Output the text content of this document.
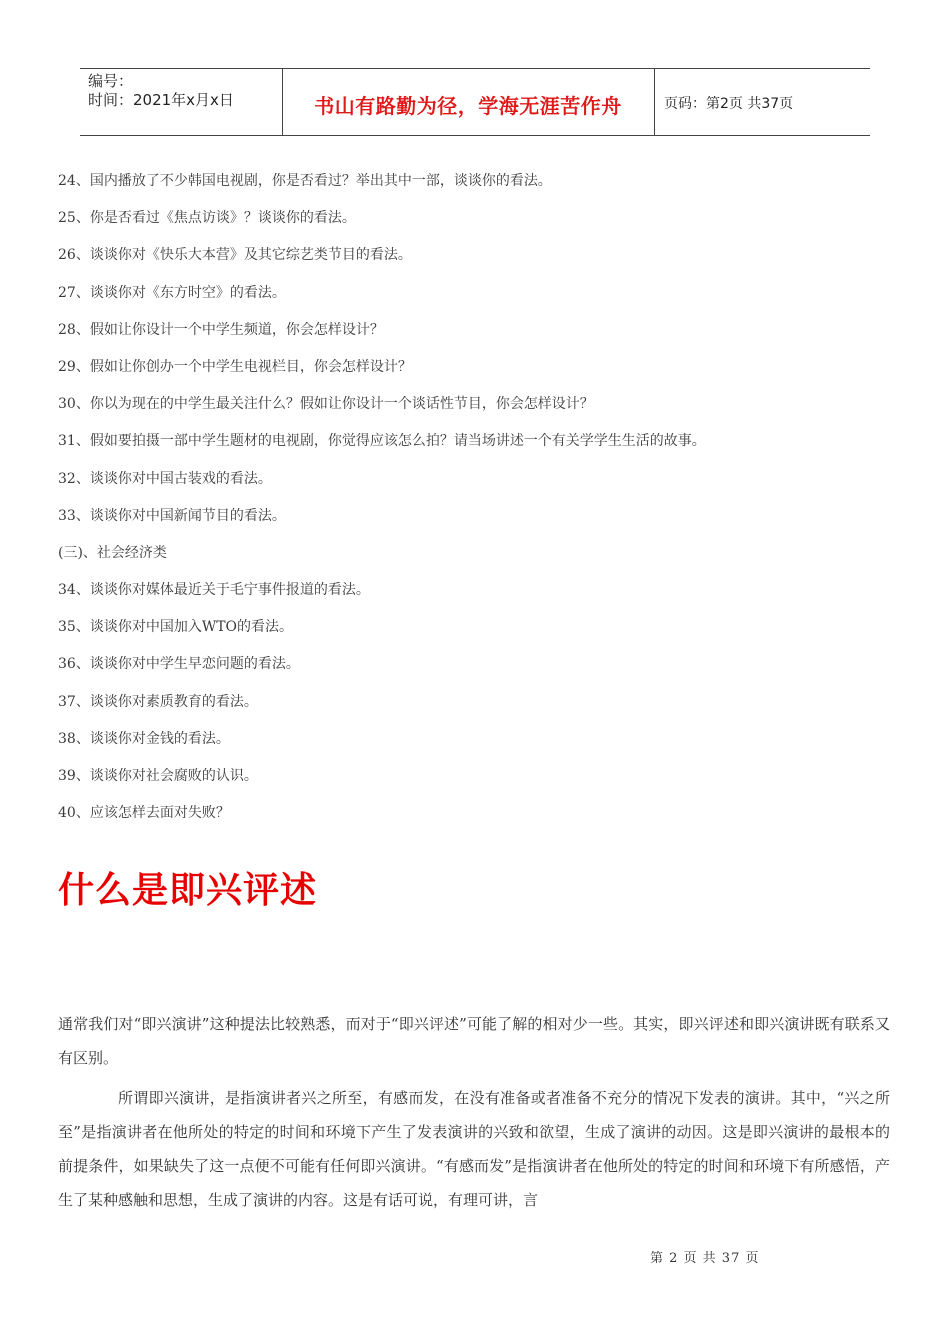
编号：
时间：2021年x月x日	书山有路勤为径，学海无涯苦作舟	页码：第2页 共37页
24、国内播放了不少韩国电视剧，你是否看过？举出其中一部，谈谈你的看法。
25、你是否看过《焦点访谈》？谈谈你的看法。
26、谈谈你对《快乐大本营》及其它综艺类节目的看法。
27、谈谈你对《东方时空》的看法。
28、假如让你设计一个中学生频道，你会怎样设计？
29、假如让你创办一个中学生电视栏目，你会怎样设计？
30、你以为现在的中学生最关注什么？假如让你设计一个谈话性节目，你会怎样设计？
31、假如要拍摄一部中学生题材的电视剧，你觉得应该怎么拍？请当场讲述一个有关学学生生活的故事。
32、谈谈你对中国古装戏的看法。
33、谈谈你对中国新闻节目的看法。
(三)、社会经济类
34、谈谈你对媒体最近关于毛宁事件报道的看法。
35、谈谈你对中国加入WTO的看法。
36、谈谈你对中学生早恋问题的看法。
37、谈谈你对素质教育的看法。
38、谈谈你对金钱的看法。
39、谈谈你对社会腐败的认识。
40、应该怎样去面对失败？
什么是即兴评述

通常我们对“即兴演讲”这种提法比较熟悉，而对于“即兴评述”可能了解的相对少一些。其实，即兴评述和即兴演讲既有联系又有区别。

所谓即兴演讲，是指演讲者兴之所至，有感而发，在没有准备或者准备不充分的情况下发表的演讲。其中，“兴之所至”是指演讲者在他所处的特定的时间和环境下产生了发表演讲的兴致和欲望，生成了演讲的动因。这是即兴演讲的最根本的前提条件，如果缺失了这一点便不可能有任何即兴演讲。“有感而发”是指演讲者在他所处的特定的时间和环境下有所感悟，产生了某种感触和思想，生成了演讲的内容。这是有话可说，有理可讲，言

第 2 页 共 37 页
